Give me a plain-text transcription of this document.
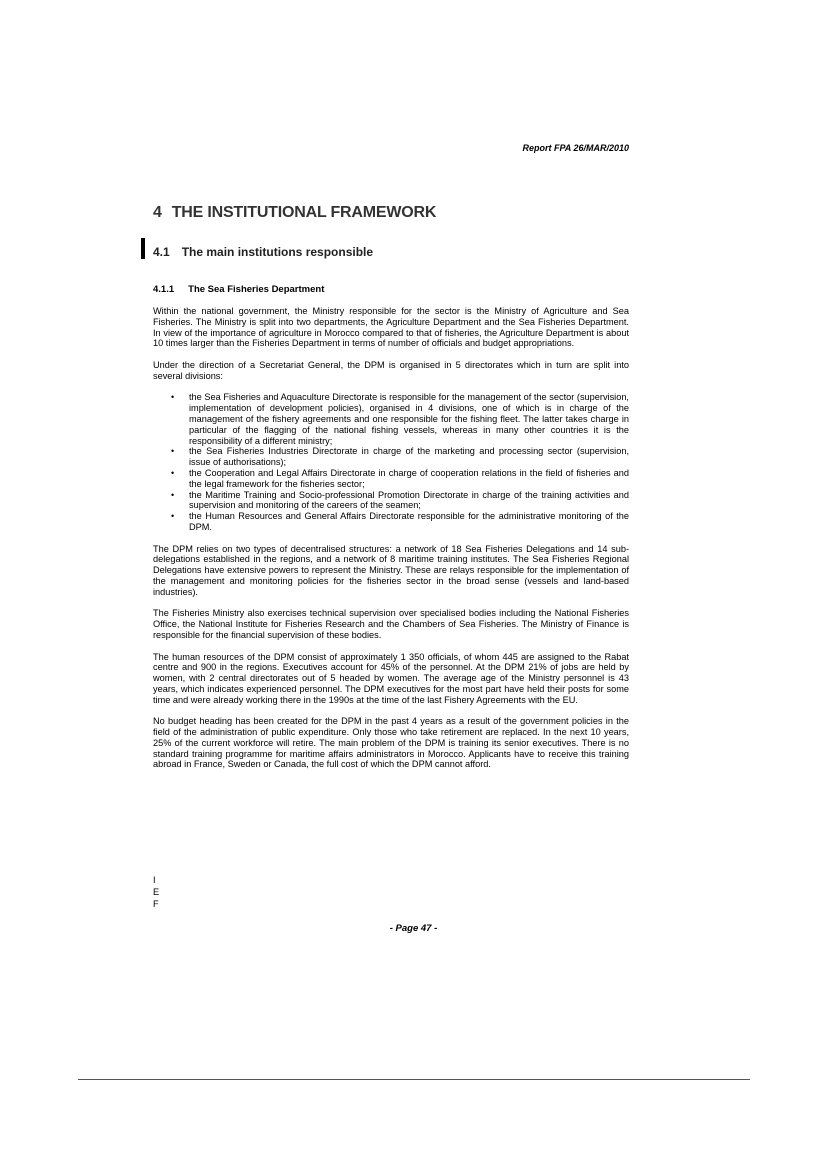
Report FPA 26/MAR/2010
4 THE INSTITUTIONAL FRAMEWORK
4.1 The main institutions responsible
4.1.1 The Sea Fisheries Department

Within the national government, the Ministry responsible for the sector is the Ministry of Agriculture and Sea Fisheries. The Ministry is split into two departments, the Agriculture Department and the Sea Fisheries Department. In view of the importance of agriculture in Morocco compared to that of fisheries, the Agriculture Department is about 10 times larger than the Fisheries Department in terms of number of officials and budget appropriations.

Under the direction of a Secretariat General, the DPM is organised in 5 directorates which in turn are split into several divisions:

• the Sea Fisheries and Aquaculture Directorate is responsible for the management of the sector (supervision, implementation of development policies), organised in 4 divisions, one of which is in charge of the management of the fishery agreements and one responsible for the fishing fleet. The latter takes charge in particular of the flagging of the national fishing vessels, whereas in many other countries it is the responsibility of a different ministry;
• the Sea Fisheries Industries Directorate in charge of the marketing and processing sector (supervision, issue of authorisations);
• the Cooperation and Legal Affairs Directorate in charge of cooperation relations in the field of fisheries and the legal framework for the fisheries sector;
• the Maritime Training and Socio-professional Promotion Directorate in charge of the training activities and supervision and monitoring of the careers of the seamen;
• the Human Resources and General Affairs Directorate responsible for the administrative monitoring of the DPM.

The DPM relies on two types of decentralised structures: a network of 18 Sea Fisheries Delegations and 14 sub-delegations established in the regions, and a network of 8 maritime training institutes. The Sea Fisheries Regional Delegations have extensive powers to represent the Ministry. These are relays responsible for the implementation of the management and monitoring policies for the fisheries sector in the broad sense (vessels and land-based industries).

The Fisheries Ministry also exercises technical supervision over specialised bodies including the National Fisheries Office, the National Institute for Fisheries Research and the Chambers of Sea Fisheries. The Ministry of Finance is responsible for the financial supervision of these bodies.

The human resources of the DPM consist of approximately 1 350 officials, of whom 445 are assigned to the Rabat centre and 900 in the regions. Executives account for 45% of the personnel. At the DPM 21% of jobs are held by women, with 2 central directorates out of 5 headed by women. The average age of the Ministry personnel is 43 years, which indicates experienced personnel. The DPM executives for the most part have held their posts for some time and were already working there in the 1990s at the time of the last Fishery Agreements with the EU.

No budget heading has been created for the DPM in the past 4 years as a result of the government policies in the field of the administration of public expenditure. Only those who take retirement are replaced. In the next 10 years, 25% of the current workforce will retire. The main problem of the DPM is training its senior executives. There is no standard training programme for maritime affairs administrators in Morocco. Applicants have to receive this training abroad in France, Sweden or Canada, the full cost of which the DPM cannot afford.

I
E
F
- Page 47 -
